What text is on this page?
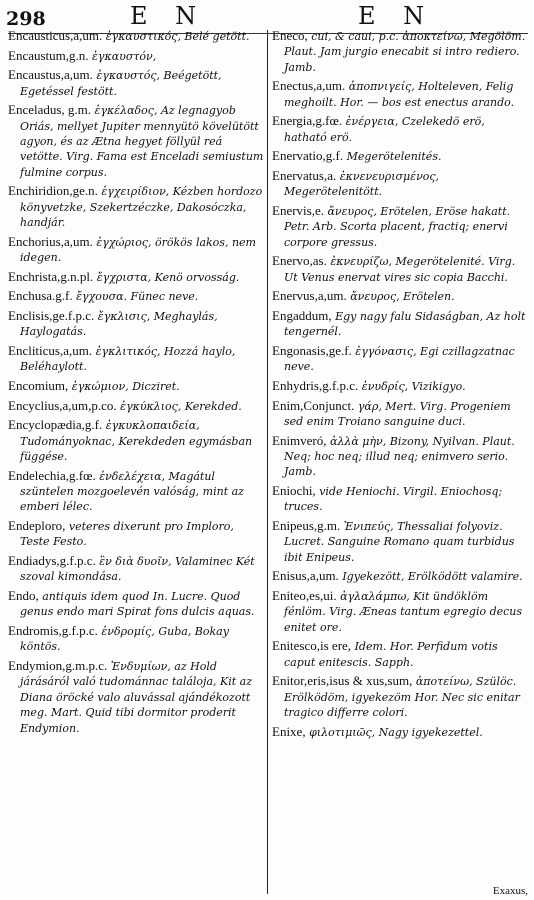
298	E N	E N
Encausticus,a,um. ἐγκαυστικός, Belé getött.
Encaustum,g.n. ἐγκαυστόν,
Encaustus,a,um. ἐγκαυστός, Beégetött, Egetéssel festött.
Enceladus, g.m. ἐγκέλαδος, Az legnagyob Oriás, mellyet Jupiter mennyütö kövelütött agyon, és az Ætna hegyet föllyül reá vetötte. Virg. Fama est Enceladi semiustum fulmine corpus.
Enchiridion,ge.n. ἐγχειρίδιον, Kézben hordozo könyvetzke, Szekertzéczke, Dakosóczka, handjár.
Enchorius,a,um. ἐγχώριος, örökös lakos, nem idegen.
Enchrista,g.n.pl. ἔγχριστα, Kenö orvosság.
Enchusa.g.f. ἔγχουσα. Fünec neve.
Enclisis,ge.f.p.c. ἔγκλισις, Meghaylás, Haylogatás.
Encliticus,a,um. ἐγκλιτικός, Hozzá haylo, Beléhaylott.
Encomium, ἐγκώμιον, Dicziret.
Encyclius,a,um,p.co. ἐγκύκλιος, Kerekded.
Encyclopædia,g.f. ἐγκυκλοπαιδεία, Tudományoknac, Kerekdeden egymásban függése.
Endelechia,g.fœ. ἐνδελέχεια, Magátul szüntelen mozgoelevén valóság, mint az emberi lélec.
Endeploro, veteres dixerunt pro Imploro, Teste Festo.
Endiadys,g.f.p.c. ἓν διὰ δυοῖν, Valaminec Két szoval kimondása.
Endo, antiquis idem quod In. Lucre. Quod genus endo mari Spirat fons dulcis aquas.
Endromis,g.f.p.c. ἐνδρομίς, Guba, Bokay köntös.
Endymion,g.m.p.c. Ἐνδυμίων, az Hold járásáról való tudománnac találoja, Kit az Diana öröcké valo aluvással ajándékozott meg. Mart. Quid tibi dormitor proderit Endymion.
Eneco, cui, & caui, p.c. ἀποκτείνω, Megölöm. Plaut. Jam jurgio enecabit si intro rediero. Jamb.
Enectus,a,um. ἀποπνιγείς, Holteleven, Felig meghoilt. Hor. — bos est enectus arando.
Energia,g.fœ. ἐνέργεια, Czelekedö erö, hatható erö.
Enervatio,g.f. Megerötelenités.
Enervatus,a. ἐκνενευρισμένος, Megerötelenitött.
Enervis,e. ἄνευρος, Erötelen, Eröse hakatt. Petr. Arb. Scorta placent, fractiq; enervi corpore gressus.
Enervo,as. ἐκνευρίζω, Megerötelenité. Virg. Ut Venus enervat vires sic copia Bacchi.
Enervus,a,um. ἄνευρος, Erötelen.
Engaddum, Egy nagy falu Sidaságban, Az holt tengernél.
Engonasis,ge.f. ἐγγόνασις, Egi czillagzatnac neve.
Enhydris,g.f.p.c. ἐνυδρίς, Vizikigyo.
Enim,Conjunct. γάρ, Mert. Virg. Progeniem sed enim Troiano sanguine duci.
Enimveró, ἀλλὰ μὴν, Bizony, Nyilvan. Plaut. Neq; hoc neq; illud neq; enimvero serio. Jamb.
Eniochi, vide Heniochi. Virgil. Eniochosq; truces.
Enipeus,g.m. Ἐνιπεύς, Thessaliai folyoviz. Lucret. Sanguine Romano quam turbidus ibit Enipeus.
Enisus,a,um. Igyekezött, Erölködött valamire.
Eniteo,es,ui. ἀγλαλάμπω, Kit ündöklöm fénlöm. Virg. Æneas tantum egregio decus enitet ore.
Enitesco,is ere, Idem. Hor. Perfidum votis caput enitescis. Sapph.
Enitor,eris,isus & xus,sum, ἀποτείνω, Szülöc. Erölködöm, igyekezöm Hor. Nec sic enitar tragico differre colori.
Enixe, φιλοτιμιῶς, Nagy igyekezettel.
Exaxus,
